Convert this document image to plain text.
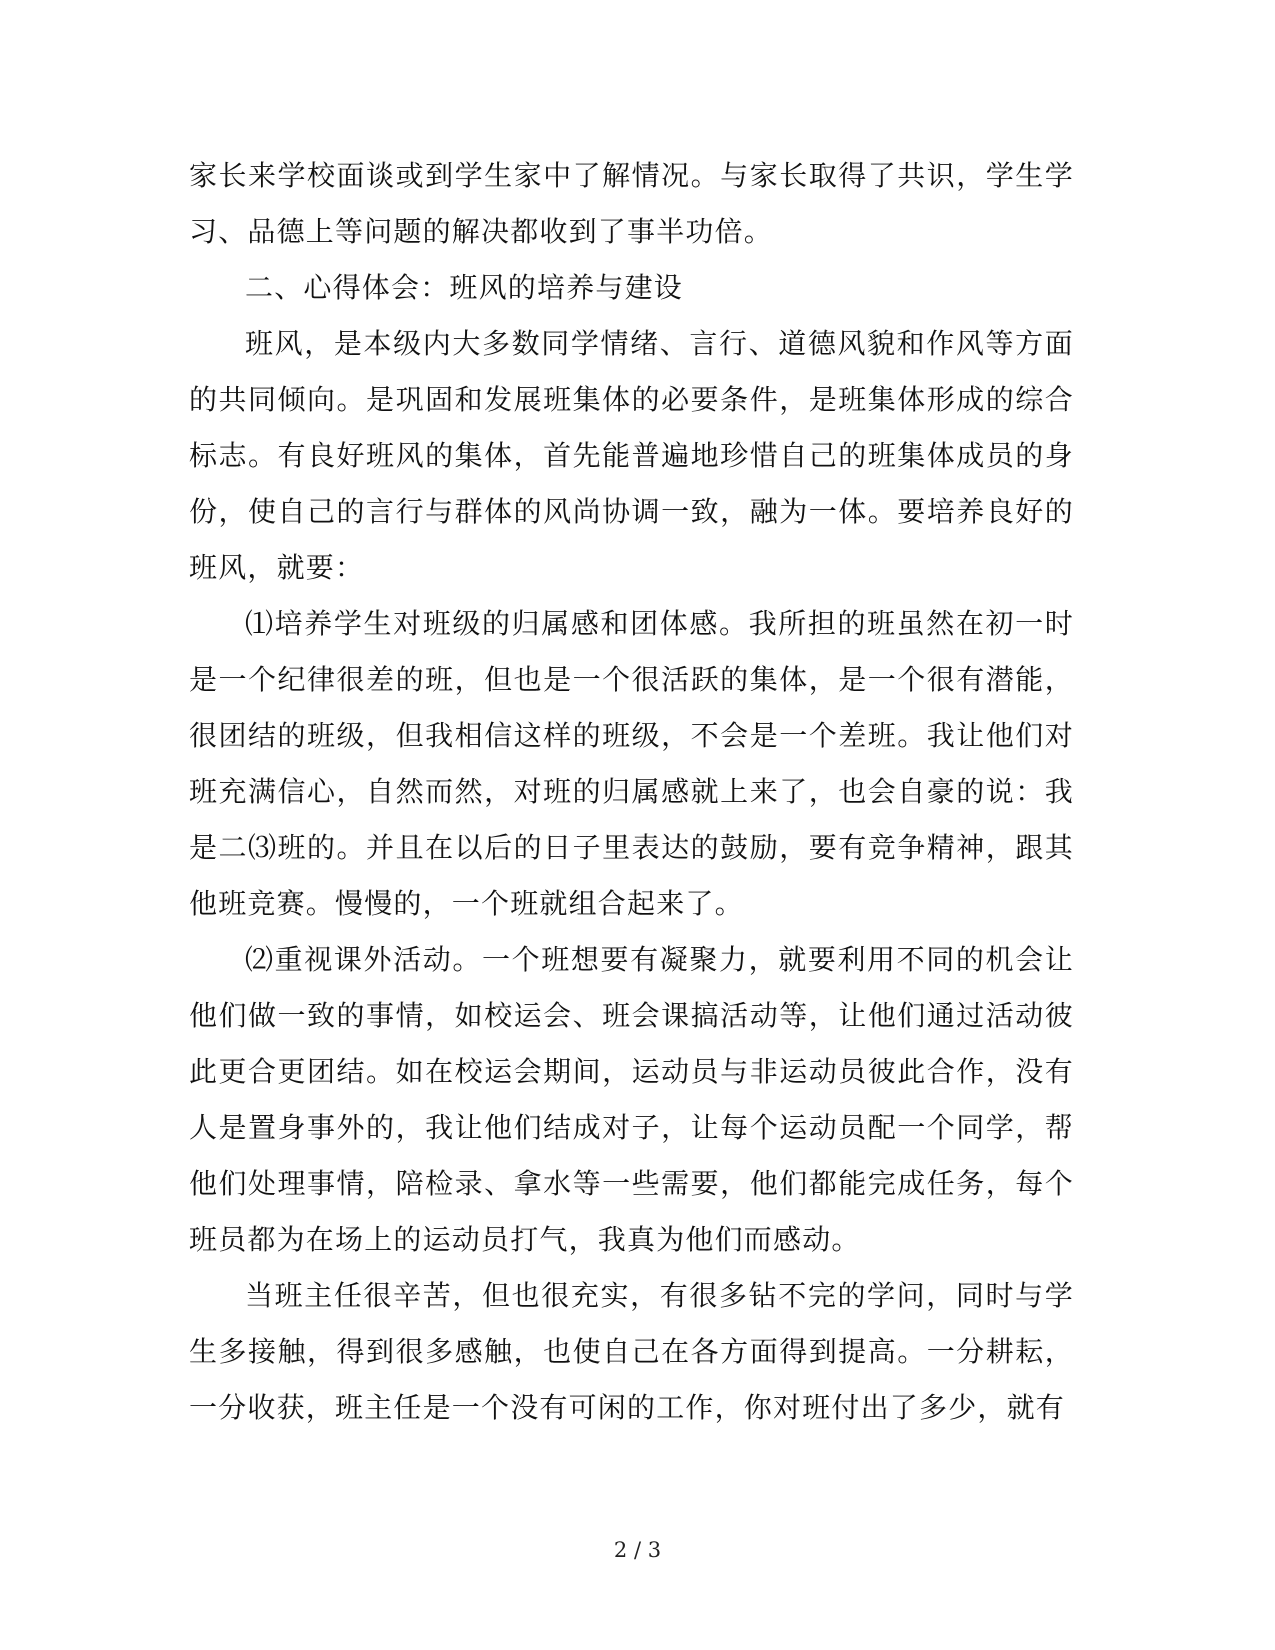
家长来学校面谈或到学生家中了解情况。与家长取得了共识，学生学习、品德上等问题的解决都收到了事半功倍。

二、心得体会：班风的培养与建设

班风，是本级内大多数同学情绪、言行、道德风貌和作风等方面的共同倾向。是巩固和发展班集体的必要条件，是班集体形成的综合标志。有良好班风的集体，首先能普遍地珍惜自己的班集体成员的身份，使自己的言行与群体的风尚协调一致，融为一体。要培养良好的班风，就要：

⑴培养学生对班级的归属感和团体感。我所担的班虽然在初一时是一个纪律很差的班，但也是一个很活跃的集体，是一个很有潜能，很团结的班级，但我相信这样的班级，不会是一个差班。我让他们对班充满信心，自然而然，对班的归属感就上来了，也会自豪的说：我是二⑶班的。并且在以后的日子里表达的鼓励，要有竞争精神，跟其他班竞赛。慢慢的，一个班就组合起来了。

⑵重视课外活动。一个班想要有凝聚力，就要利用不同的机会让他们做一致的事情，如校运会、班会课搞活动等，让他们通过活动彼此更合更团结。如在校运会期间，运动员与非运动员彼此合作，没有人是置身事外的，我让他们结成对子，让每个运动员配一个同学，帮他们处理事情，陪检录、拿水等一些需要，他们都能完成任务，每个班员都为在场上的运动员打气，我真为他们而感动。

当班主任很辛苦，但也很充实，有很多钻不完的学问，同时与学生多接触，得到很多感触，也使自己在各方面得到提高。一分耕耘，一分收获，班主任是一个没有可闲的工作，你对班付出了多少，就有

2 / 3
